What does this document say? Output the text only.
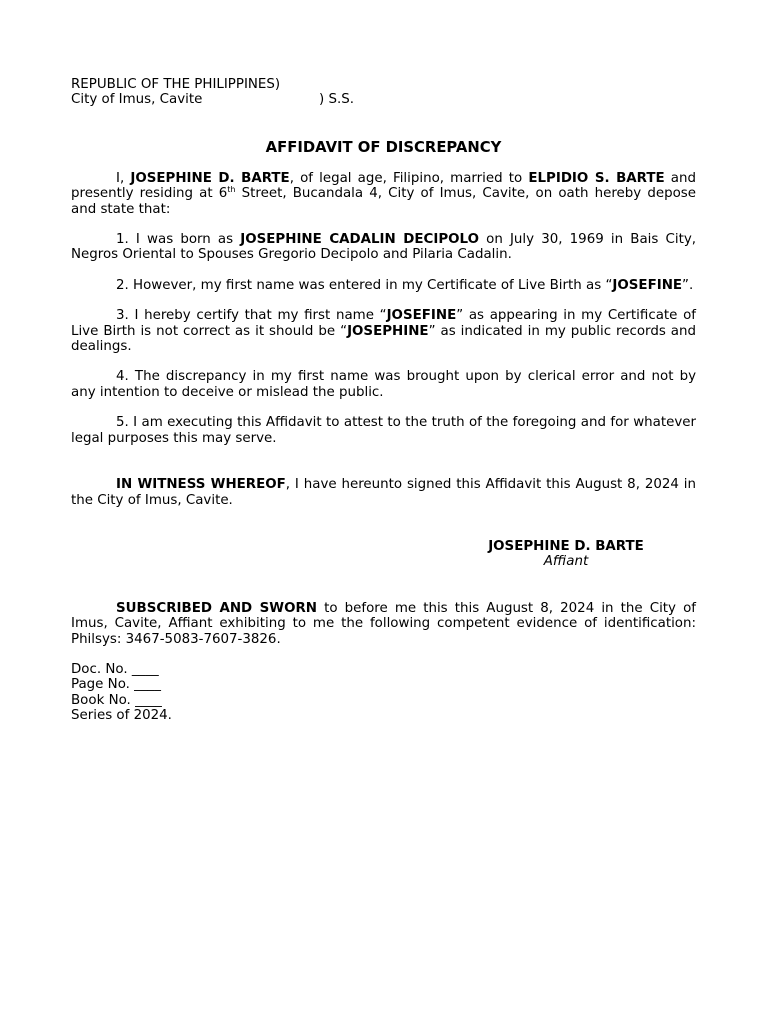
REPUBLIC OF THE PHILIPPINES)
City of Imus, Cavite	) S.S.
AFFIDAVIT OF DISCREPANCY

I, JOSEPHINE D. BARTE, of legal age, Filipino, married to ELPIDIO S. BARTE and presently residing at 6th Street, Bucandala 4, City of Imus, Cavite, on oath hereby depose and state that:

1. I was born as JOSEPHINE CADALIN DECIPOLO on July 30, 1969 in Bais City, Negros Oriental to Spouses Gregorio Decipolo and Pilaria Cadalin.

2. However, my first name was entered in my Certificate of Live Birth as “JOSEFINE”.

3. I hereby certify that my first name “JOSEFINE” as appearing in my Certificate of Live Birth is not correct as it should be “JOSEPHINE” as indicated in my public records and dealings.

4. The discrepancy in my first name was brought upon by clerical error and not by any intention to deceive or mislead the public.

5. I am executing this Affidavit to attest to the truth of the foregoing and for whatever legal purposes this may serve.

IN WITNESS WHEREOF, I have hereunto signed this Affidavit this August 8, 2024 in the City of Imus, Cavite.

JOSEPHINE D. BARTE
Affiant

SUBSCRIBED AND SWORN to before me this this August 8, 2024 in the City of Imus, Cavite, Affiant exhibiting to me the following competent evidence of identification: Philsys: 3467-5083-7607-3826.

Doc. No. ____
Page No. ____
Book No. ____
Series of 2024.
